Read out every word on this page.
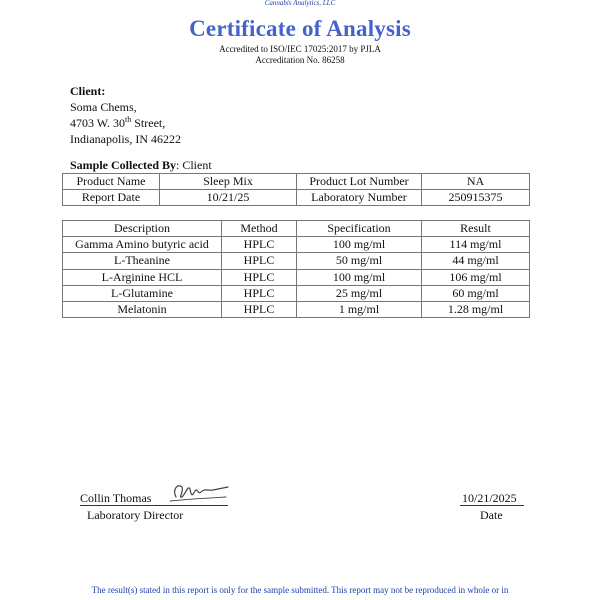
Cannabis Analytics, LLC
Certificate of Analysis
Accredited to ISO/IEC 17025:2017 by PJLA
Accreditation No. 86258
Client:
Soma Chems,
4703 W. 30th Street,
Indianapolis, IN 46222
Sample Collected By: Client
Product Name	Sleep Mix	Product Lot Number	NA
Report Date	10/21/25	Laboratory Number	250915375
Description	Method	Specification	Result
Gamma Amino butyric acid	HPLC	100 mg/ml	114 mg/ml
L-Theanine	HPLC	50 mg/ml	44 mg/ml
L-Arginine HCL	HPLC	100 mg/ml	106 mg/ml
L-Glutamine	HPLC	25 mg/ml	60 mg/ml
Melatonin	HPLC	1 mg/ml	1.28 mg/ml
Collin Thomas
Laboratory Director
10/21/2025
Date
The result(s) stated in this report is only for the sample submitted. This report may not be reproduced in whole or in
